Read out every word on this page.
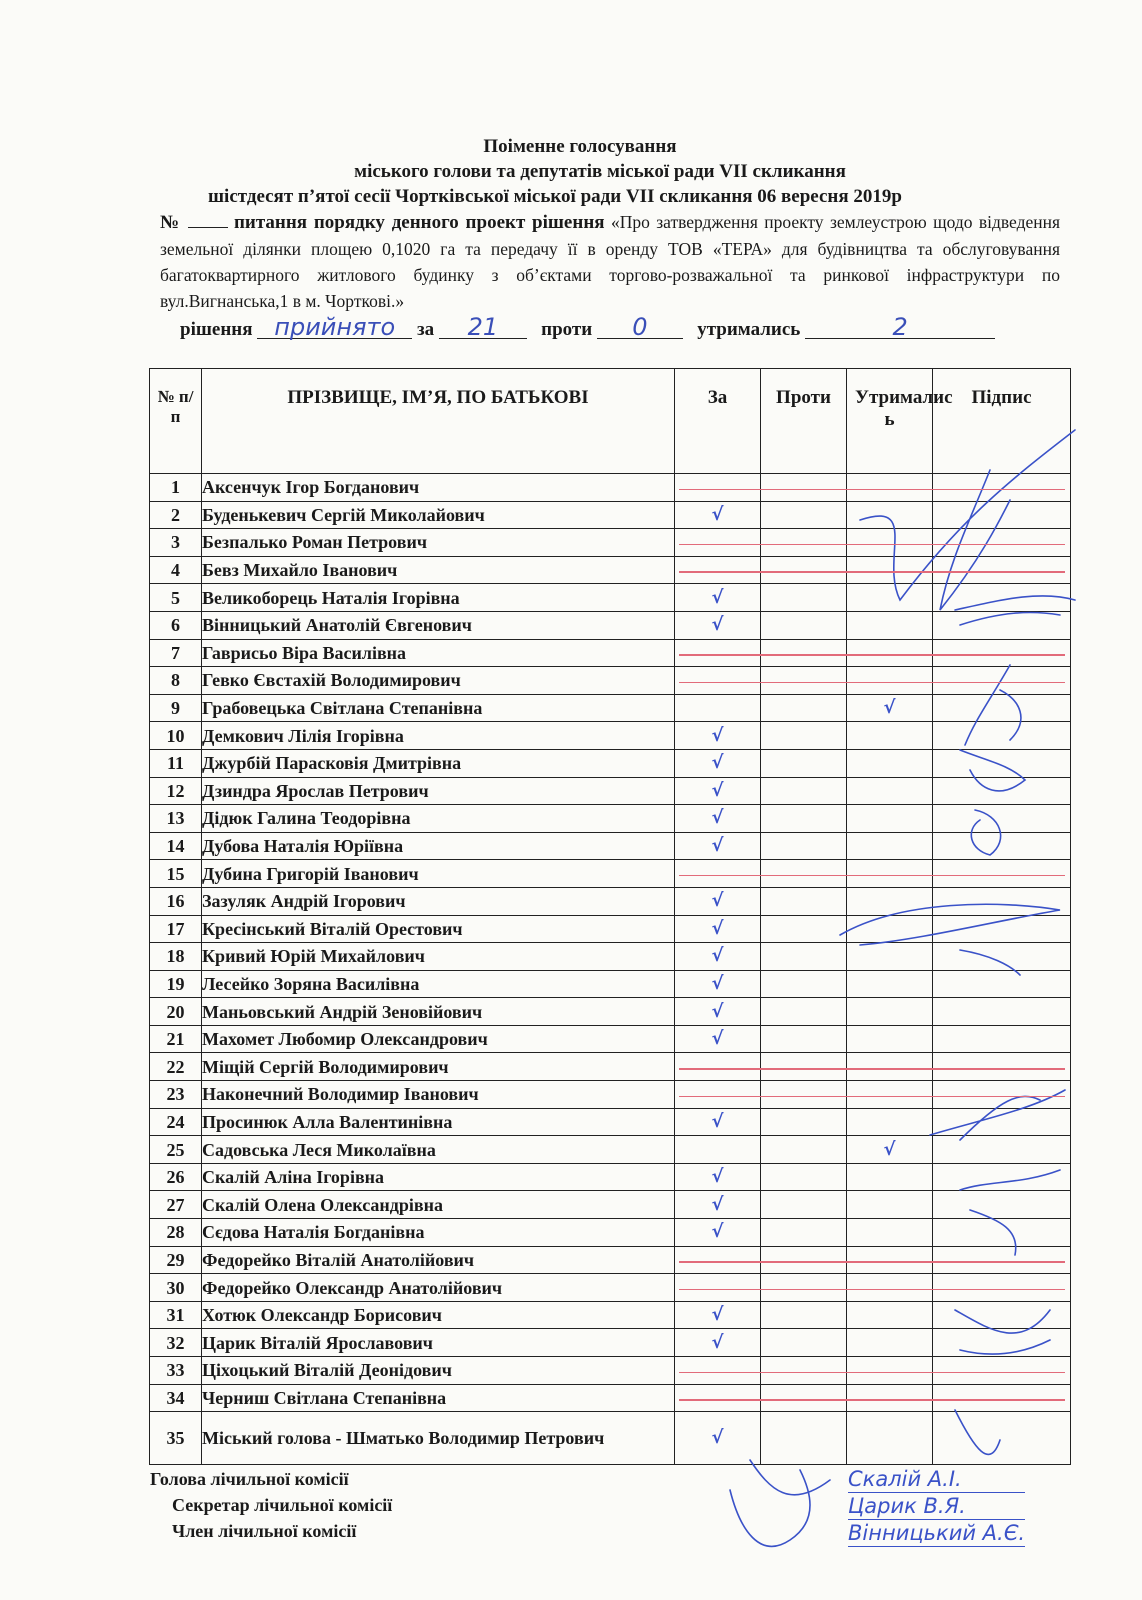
Поіменне голосування
міського голови та депутатів міської ради VII скликання
шістдесят п’ятої сесії Чортківської міської ради VII скликання 06 вересня 2019р
№	питання порядку денного проект рішення «Про затвердження проекту землеустрою щодо відведення земельної ділянки площею 0,1020 га та передачу її в оренду ТОВ «ТЕРА» для будівництва та обслуговування багатоквартирного житлового будинку з об’єктами торгово-розважальної та ринкової інфраструктури по вул.Вигнанська,1 в м. Чорткові.»
рішення прийнято за 21 проти 0	утримались	2
№ п/п	ПРІЗВИЩЕ, ІМ’Я, ПО БАТЬКОВІ	За	Проти	Утрималис ь	Підпис
1	Аксенчук Ігор Богданович				
2	Буденькевич Сергій Миколайович	√			
3	Безпалько Роман Петрович				
4	Бевз Михайло Іванович				
5	Великоборець Наталія Ігорівна	√			
6	Вінницький Анатолій Євгенович	√			
7	Гаврисьо Віра Василівна				
8	Гевко Євстахій Володимирович				
9	Грабовецька Світлана Степанівна			√	
10	Демкович Лілія Ігорівна	√			
11	Джурбій Парасковія Дмитрівна	√			
12	Дзиндра Ярослав Петрович	√			
13	Дідюк Галина Теодорівна	√			
14	Дубова Наталія Юріївна	√			
15	Дубина Григорій Іванович				
16	Зазуляк Андрій Ігорович	√			
17	Кресінський Віталій Орестович	√			
18	Кривий Юрій Михайлович	√			
19	Лесейко Зоряна Василівна	√			
20	Маньовський Андрій Зеновійович	√			
21	Махомет Любомир Олександрович	√			
22	Міщій Сергій Володимирович				
23	Наконечний Володимир Іванович				
24	Просинюк Алла Валентинівна	√			
25	Садовська Леся Миколаївна			√	
26	Скалій Аліна Ігорівна	√			
27	Скалій Олена Олександрівна	√			
28	Сєдова Наталія Богданівна	√			
29	Федорейко Віталій Анатолійович				
30	Федорейко Олександр Анатолійович				
31	Хотюк Олександр Борисович	√			
32	Царик Віталій Ярославович	√			
33	Ціхоцький Віталій Деонідович				
34	Черниш Світлана Степанівна				
35	Міський голова - Шматько Володимир Петрович	√			
Голова лічильної комісії
Секретар лічильної комісії
Член лічильної комісії
Скалій А.І.
Царик В.Я.
Вінницький А.Є.
